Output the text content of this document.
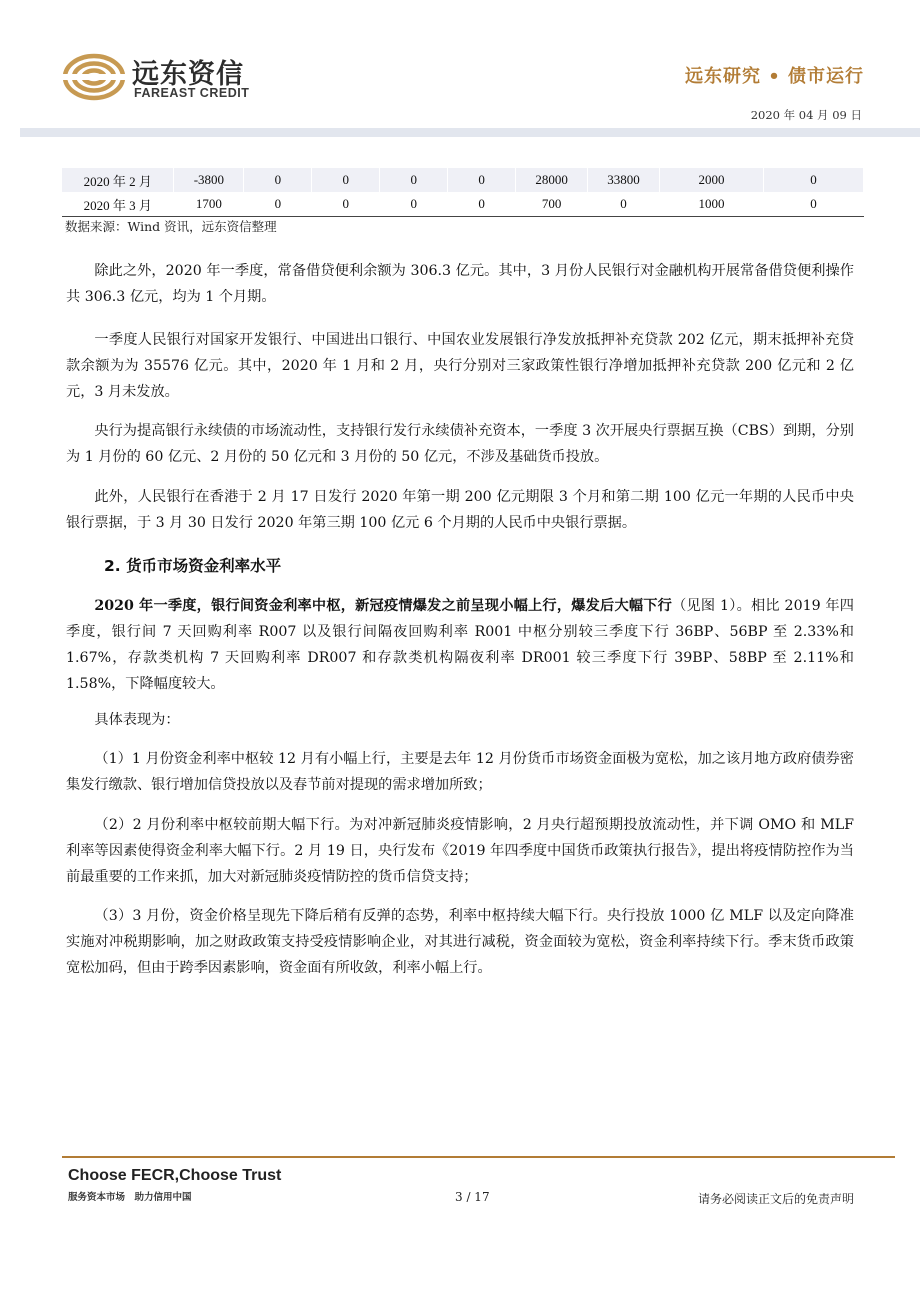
远东资信
FAREAST CREDIT
远东研究 • 债市运行
2020 年 04 月 09 日
2020 年 2 月	-3800	0	0	0	0	28000	33800	2000	0
2020 年 3 月	1700	0	0	0	0	700	0	1000	0
数据来源：Wind 资讯，远东资信整理

除此之外，2020 年一季度，常备借贷便利余额为 306.3 亿元。其中，3 月份人民银行对金融机构开展常备借贷便利操作共 306.3 亿元，均为 1 个月期。

一季度人民银行对国家开发银行、中国进出口银行、中国农业发展银行净发放抵押补充贷款 202 亿元，期末抵押补充贷款余额为为 35576 亿元。其中，2020 年 1 月和 2 月，央行分别对三家政策性银行净增加抵押补充贷款 200 亿元和 2 亿元，3 月未发放。

央行为提高银行永续债的市场流动性，支持银行发行永续债补充资本，一季度 3 次开展央行票据互换（CBS）到期，分别为 1 月份的 60 亿元、2 月份的 50 亿元和 3 月份的 50 亿元，不涉及基础货币投放。

此外，人民银行在香港于 2 月 17 日发行 2020 年第一期 200 亿元期限 3 个月和第二期 100 亿元一年期的人民币中央银行票据，于 3 月 30 日发行 2020 年第三期 100 亿元 6 个月期的人民币中央银行票据。

2. 货币市场资金利率水平

2020 年一季度，银行间资金利率中枢，新冠疫情爆发之前呈现小幅上行，爆发后大幅下行（见图 1）。相比 2019 年四季度，银行间 7 天回购利率 R007 以及银行间隔夜回购利率 R001 中枢分别较三季度下行 36BP、56BP 至 2.33%和 1.67%，存款类机构 7 天回购利率 DR007 和存款类机构隔夜利率 DR001 较三季度下行 39BP、58BP 至 2.11%和 1.58%，下降幅度较大。

具体表现为：

（1）1 月份资金利率中枢较 12 月有小幅上行，主要是去年 12 月份货币市场资金面极为宽松，加之该月地方政府债券密集发行缴款、银行增加信贷投放以及春节前对提现的需求增加所致；

（2）2 月份利率中枢较前期大幅下行。为对冲新冠肺炎疫情影响，2 月央行超预期投放流动性，并下调 OMO 和 MLF 利率等因素使得资金利率大幅下行。2 月 19 日，央行发布《2019 年四季度中国货币政策执行报告》，提出将疫情防控作为当前最重要的工作来抓，加大对新冠肺炎疫情防控的货币信贷支持；

（3）3 月份，资金价格呈现先下降后稍有反弹的态势，利率中枢持续大幅下行。央行投放 1000 亿 MLF 以及定向降准实施对冲税期影响，加之财政政策支持受疫情影响企业，对其进行减税，资金面较为宽松，资金利率持续下行。季末货币政策宽松加码，但由于跨季因素影响，资金面有所收敛，利率小幅上行。

Choose FECR,Choose Trust
服务资本市场　助力信用中国	3 / 17	请务必阅读正文后的免责声明
